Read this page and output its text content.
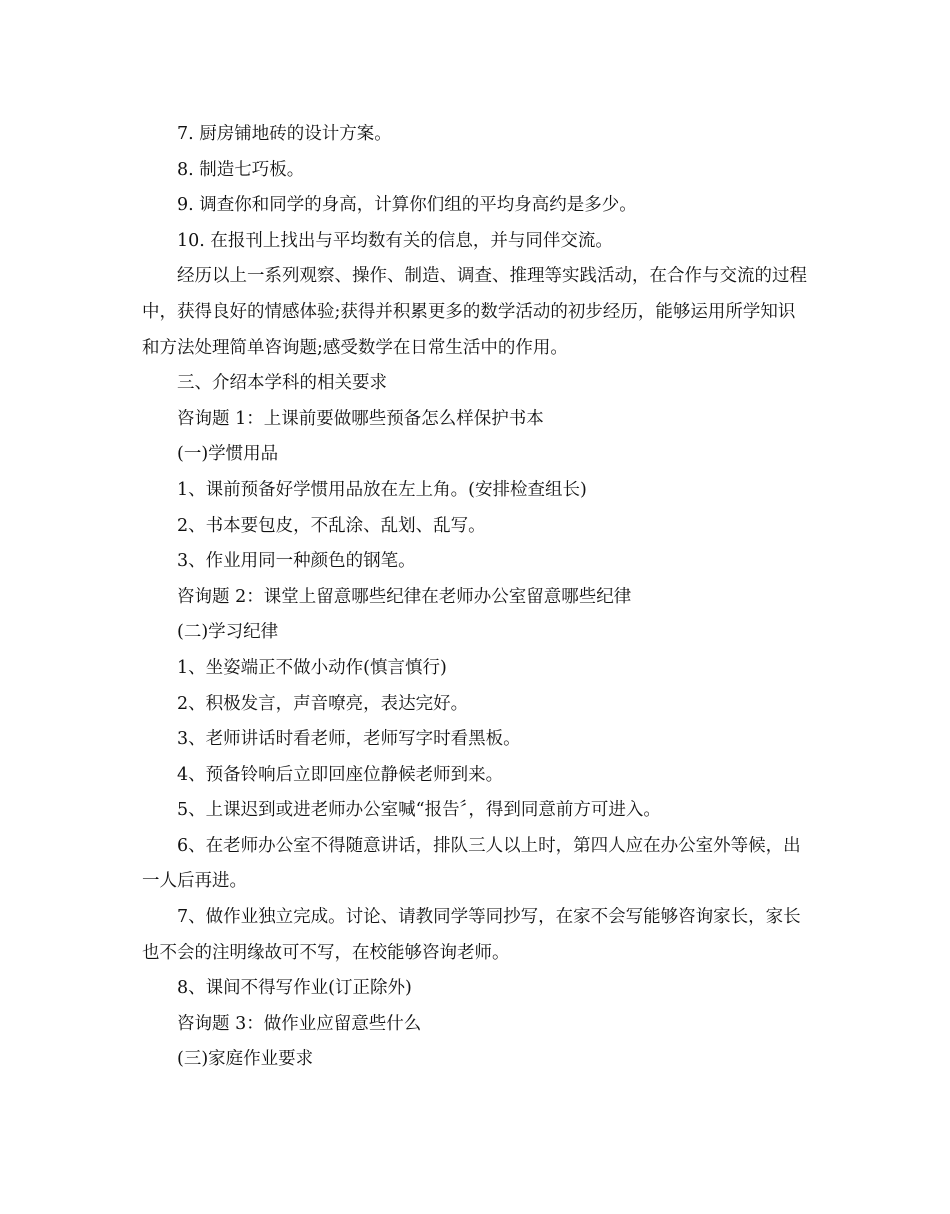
7. 厨房铺地砖的设计方案。

8. 制造七巧板。

9. 调查你和同学的身高，计算你们组的平均身高约是多少。

10. 在报刊上找出与平均数有关的信息，并与同伴交流。

经历以上一系列观察、操作、制造、调查、推理等实践活动，在合作与交流的过程中，获得良好的情感体验;获得并积累更多的数学活动的初步经历，能够运用所学知识和方法处理简单咨询题;感受数学在日常生活中的作用。

三、介绍本学科的相关要求

咨询题 1：上课前要做哪些预备怎么样保护书本

(一)学惯用品

1、课前预备好学惯用品放在左上角。(安排检查组长)

2、书本要包皮，不乱涂、乱划、乱写。

3、作业用同一种颜色的钢笔。

咨询题 2：课堂上留意哪些纪律在老师办公室留意哪些纪律

(二)学习纪律

1、坐姿端正不做小动作(慎言慎行)

2、积极发言，声音嘹亮，表达完好。

3、老师讲话时看老师，老师写字时看黑板。

4、预备铃响后立即回座位静候老师到来。

5、上课迟到或进老师办公室喊“报告〞，得到同意前方可进入。

6、在老师办公室不得随意讲话，排队三人以上时，第四人应在办公室外等候，出一人后再进。

7、做作业独立完成。讨论、请教同学等同抄写，在家不会写能够咨询家长，家长也不会的注明缘故可不写，在校能够咨询老师。

8、课间不得写作业(订正除外)

咨询题 3：做作业应留意些什么

(三)家庭作业要求
